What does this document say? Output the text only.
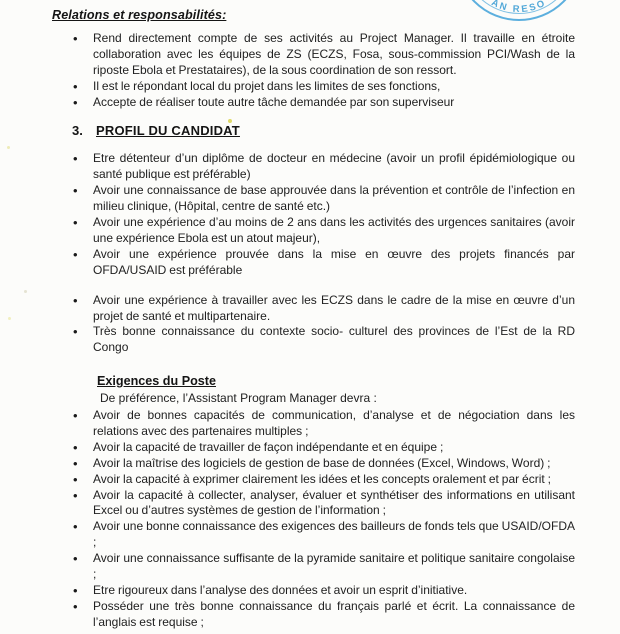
AN RESO
Relations et responsabilités:
•	Rend directement compte de ses activités au Project Manager. Il travaille en étroite collaboration avec les équipes de ZS (ECZS, Fosa, sous-commission PCI/Wash de la riposte Ebola et Prestataires), de la sous coordination de son ressort.
•	Il est le répondant local du projet dans les limites de ses fonctions,
•	Accepte de réaliser toute autre tâche demandée par son superviseur
3. PROFIL DU CANDIDAT
•	Etre détenteur d’un diplôme de docteur en médecine (avoir un profil épidémiologique ou santé publique est préférable)
•	Avoir une connaissance de base approuvée dans la prévention et contrôle de l’infection en milieu clinique, (Hôpital, centre de santé etc.)
•	Avoir une expérience d’au moins de 2 ans dans les activités des urgences sanitaires (avoir une expérience Ebola est un atout majeur),
•	Avoir une expérience prouvée dans la mise en œuvre des projets financés par OFDA/USAID est préférable
•	Avoir une expérience à travailler avec les ECZS dans le cadre de la mise en œuvre d’un projet de santé et multipartenaire.
•	Très bonne connaissance du contexte socio- culturel des provinces de l’Est de la RD Congo
Exigences du Poste
De préférence, l’Assistant Program Manager devra :
•	Avoir de bonnes capacités de communication, d’analyse et de négociation dans les relations avec des partenaires multiples ;
•	Avoir la capacité de travailler de façon indépendante et en équipe ;
•	Avoir la maîtrise des logiciels de gestion de base de données (Excel, Windows, Word) ;
•	Avoir la capacité à exprimer clairement les idées et les concepts oralement et par écrit ;
•	Avoir la capacité à collecter, analyser, évaluer et synthétiser des informations en utilisant Excel ou d’autres systèmes de gestion de l’information ;
•	Avoir une bonne connaissance des exigences des bailleurs de fonds tels que USAID/OFDA ;
•	Avoir une connaissance suffisante de la pyramide sanitaire et politique sanitaire congolaise ;
•	Etre rigoureux dans l’analyse des données et avoir un esprit d’initiative.
•	Posséder une très bonne connaissance du français parlé et écrit. La connaissance de l’anglais est requise ;
